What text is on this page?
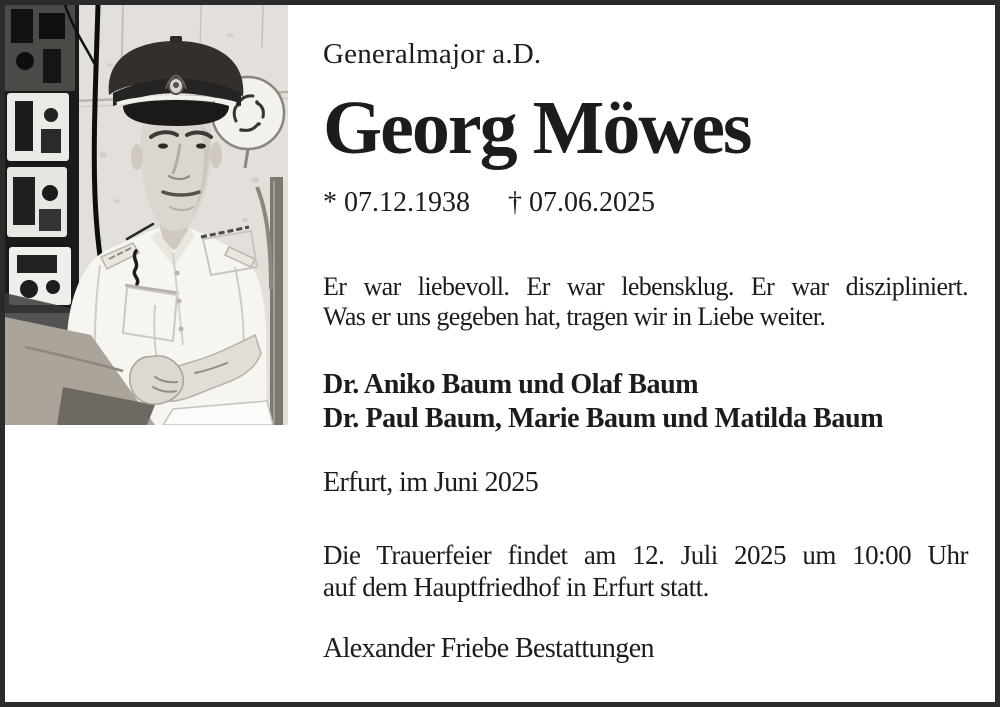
Generalmajor a.D.
Georg Möwes
* 07.12.1938 † 07.06.2025
Er war liebevoll. Er war lebensklug. Er war diszipliniert.
Was er uns gegeben hat, tragen wir in Liebe weiter.
Dr. Aniko Baum und Olaf Baum
Dr. Paul Baum, Marie Baum und Matilda Baum
Erfurt, im Juni 2025
Die Trauerfeier findet am 12. Juli 2025 um 10:00 Uhr
auf dem Hauptfriedhof in Erfurt statt.
Alexander Friebe Bestattungen
